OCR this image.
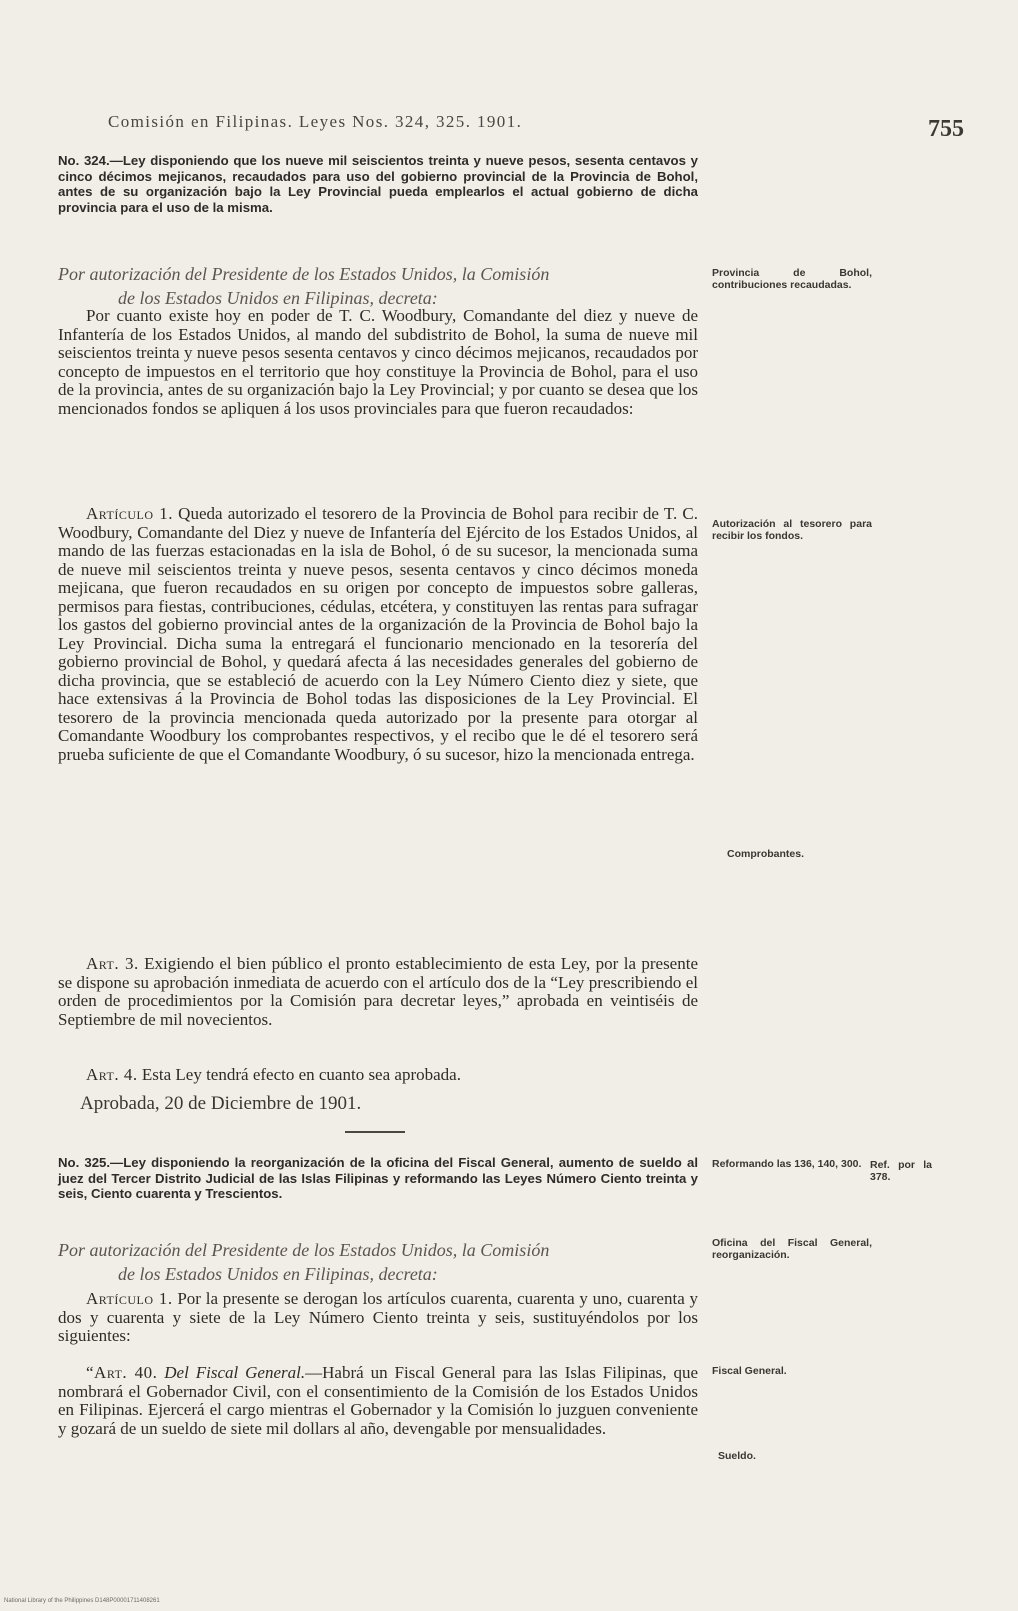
Comisión en Filipinas. Leyes Nos. 324, 325. 1901.	755
No. 324.—Ley disponiendo que los nueve mil seiscientos treinta y nueve pesos, sesenta centavos y cinco décimos mejicanos, recaudados para uso del gobierno provincial de la Provincia de Bohol, antes de su organización bajo la Ley Provincial pueda emplearlos el actual gobierno de dicha provincia para el uso de la misma.
Por autorización del Presidente de los Estados Unidos, la Comisión
de los Estados Unidos en Filipinas, decreta:
Por cuanto existe hoy en poder de T. C. Woodbury, Comandante del diez y nueve de Infantería de los Estados Unidos, al mando del subdistrito de Bohol, la suma de nueve mil seiscientos treinta y nueve pesos sesenta centavos y cinco décimos mejicanos, recaudados por concepto de impuestos en el territorio que hoy constituye la Provincia de Bohol, para el uso de la provincia, antes de su organización bajo la Ley Provincial; y por cuanto se desea que los mencionados fondos se apliquen á los usos provinciales para que fueron recaudados:
Artículo 1. Queda autorizado el tesorero de la Provincia de Bohol para recibir de T. C. Woodbury, Comandante del Diez y nueve de Infantería del Ejército de los Estados Unidos, al mando de las fuerzas estacionadas en la isla de Bohol, ó de su sucesor, la mencionada suma de nueve mil seiscientos treinta y nueve pesos, sesenta centavos y cinco décimos moneda mejicana, que fueron recaudados en su origen por concepto de impuestos sobre galleras, permisos para fiestas, contribuciones, cédulas, etcétera, y constituyen las rentas para sufragar los gastos del gobierno provincial antes de la organización de la Provincia de Bohol bajo la Ley Provincial. Dicha suma la entregará el funcionario mencionado en la tesorería del gobierno provincial de Bohol, y quedará afecta á las necesidades generales del gobierno de dicha provincia, que se estableció de acuerdo con la Ley Número Ciento diez y siete, que hace extensivas á la Provincia de Bohol todas las disposiciones de la Ley Provincial. El tesorero de la provincia mencionada queda autorizado por la presente para otorgar al Comandante Woodbury los comprobantes respectivos, y el recibo que le dé el tesorero será prueba suficiente de que el Comandante Woodbury, ó su sucesor, hizo la mencionada entrega.
Art. 3. Exigiendo el bien público el pronto establecimiento de esta Ley, por la presente se dispone su aprobación inmediata de acuerdo con el artículo dos de la “Ley prescribiendo el orden de procedimientos por la Comisión para decretar leyes,” aprobada en veintiséis de Septiembre de mil novecientos.
Art. 4. Esta Ley tendrá efecto en cuanto sea aprobada.
Aprobada, 20 de Diciembre de 1901.
No. 325.—Ley disponiendo la reorganización de la oficina del Fiscal General, aumento de sueldo al juez del Tercer Distrito Judicial de las Islas Filipinas y reformando las Leyes Número Ciento treinta y seis, Ciento cuarenta y Trescientos.
Por autorización del Presidente de los Estados Unidos, la Comisión
de los Estados Unidos en Filipinas, decreta:
Artículo 1. Por la presente se derogan los artículos cuarenta, cuarenta y uno, cuarenta y dos y cuarenta y siete de la Ley Número Ciento treinta y seis, sustituyéndolos por los siguientes:
“Art. 40. Del Fiscal General.—Habrá un Fiscal General para las Islas Filipinas, que nombrará el Gobernador Civil, con el consentimiento de la Comisión de los Estados Unidos en Filipinas. Ejercerá el cargo mientras el Gobernador y la Comisión lo juzguen conveniente y gozará de un sueldo de siete mil dollars al año, devengable por mensualidades.
Provincia de Bohol, contribuciones recaudadas.
Autorización al tesorero para recibir los fondos.
Comprobantes.
Reformando las 136, 140, 300. Ref. por la 378.
Oficina del Fiscal General, reorganización.
Fiscal General.
Sueldo.
National Library of the Philippines D148P00001711408261
